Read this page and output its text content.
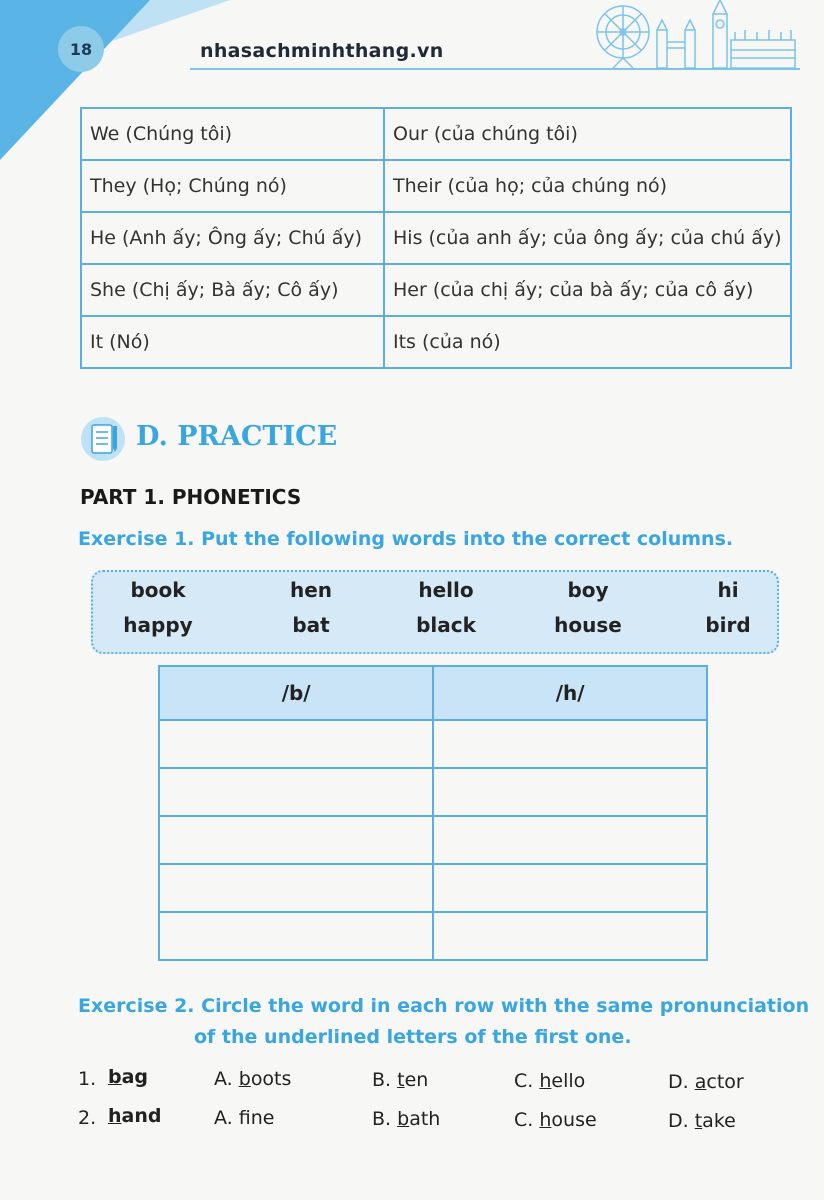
18	nhasachminhthang.vn
We (Chúng tôi)	Our (của chúng tôi)
They (Họ; Chúng nó)	Their (của họ; của chúng nó)
He (Anh ấy; Ông ấy; Chú ấy)	His (của anh ấy; của ông ấy; của chú ấy)
She (Chị ấy; Bà ấy; Cô ấy)	Her (của chị ấy; của bà ấy; của cô ấy)
It (Nó)	Its (của nó)
D. PRACTICE
PART 1. PHONETICS
Exercise 1. Put the following words into the correct columns.
book	hen	hello	boy	hi
happy	bat	black	house	bird
/b/	/h/

Exercise 2. Circle the word in each row with the same pronunciation
of the underlined letters of the first one.
1. bag	A. boots	B. ten	C. hello	D. actor
2. hand	A. fne	B. bath	C. house	D. take
